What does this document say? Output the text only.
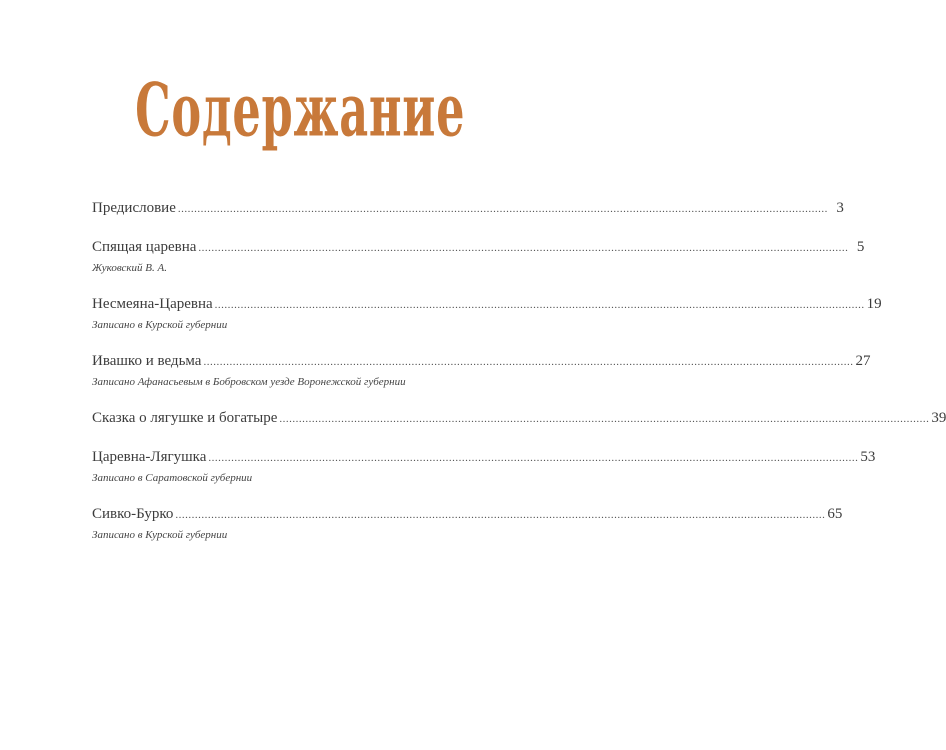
Содержание
Предисловие ........................................................................................................................................................................................................ 3
Спящая царевна ........................................................................................................................................................................................................ 5
Жуковский В. А.
Несмеяна-Царевна ........................................................................................................................................................................................................ 19
Записано в Курской губернии
Ивашко и ведьма ........................................................................................................................................................................................................ 27
Записано Афанасьевым в Бобровском уезде Воронежской губернии
Сказка о лягушке и богатыре ........................................................................................................................................................................................................ 39
Царевна-Лягушка ........................................................................................................................................................................................................ 53
Записано в Саратовской губернии
Сивко-Бурко ........................................................................................................................................................................................................ 65
Записано в Курской губернии
